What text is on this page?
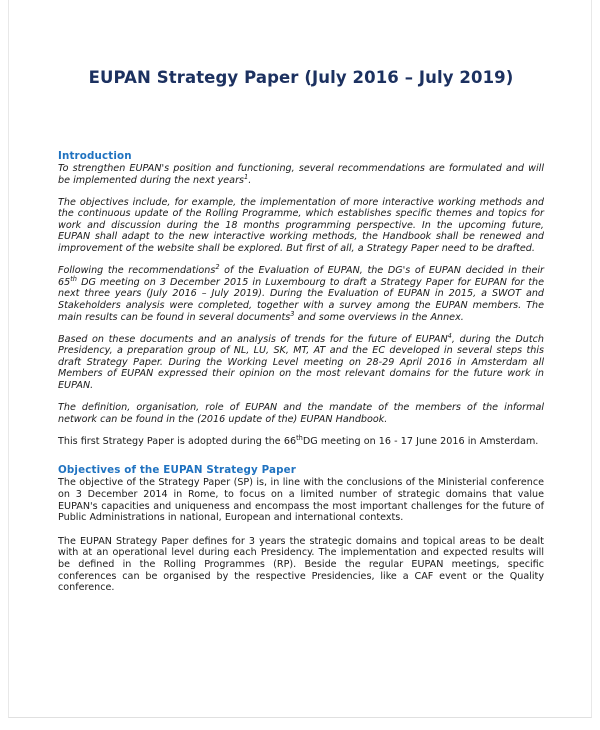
EUPAN Strategy Paper (July 2016 – July 2019)
Introduction

To strengthen EUPAN's position and functioning, several recommendations are formulated and will be implemented during the next years$^1$.

The objectives include, for example, the implementation of more interactive working methods and the continuous update of the Rolling Programme, which establishes specific themes and topics for work and discussion during the 18 months programming perspective. In the upcoming future, EUPAN shall adapt to the new interactive working methods, the Handbook shall be renewed and improvement of the website shall be explored. But first of all, a Strategy Paper need to be drafted.

Following the recommendations$^2$ of the Evaluation of EUPAN, the DG's of EUPAN decided in their 65th DG meeting on 3 December 2015 in Luxembourg to draft a Strategy Paper for EUPAN for the next three years (July 2016 – July 2019). During the Evaluation of EUPAN in 2015, a SWOT and Stakeholders analysis were completed, together with a survey among the EUPAN members. The main results can be found in several documents$^3$ and some overviews in the Annex.

Based on these documents and an analysis of trends for the future of EUPAN$^4$, during the Dutch Presidency, a preparation group of NL, LU, SK, MT, AT and the EC developed in several steps this draft Strategy Paper. During the Working Level meeting on 28-29 April 2016 in Amsterdam all Members of EUPAN expressed their opinion on the most relevant domains for the future work in EUPAN.

The definition, organisation, role of EUPAN and the mandate of the members of the informal network can be found in the (2016 update of the) EUPAN Handbook.

This first Strategy Paper is adopted during the 66thDG meeting on 16 - 17 June 2016 in Amsterdam.

Objectives of the EUPAN Strategy Paper

The objective of the Strategy Paper (SP) is, in line with the conclusions of the Ministerial conference on 3 December 2014 in Rome, to focus on a limited number of strategic domains that value EUPAN's capacities and uniqueness and encompass the most important challenges for the future of Public Administrations in national, European and international contexts.

The EUPAN Strategy Paper defines for 3 years the strategic domains and topical areas to be dealt with at an operational level during each Presidency. The implementation and expected results will be defined in the Rolling Programmes (RP). Beside the regular EUPAN meetings, specific conferences can be organised by the respective Presidencies, like a CAF event or the Quality conference.
